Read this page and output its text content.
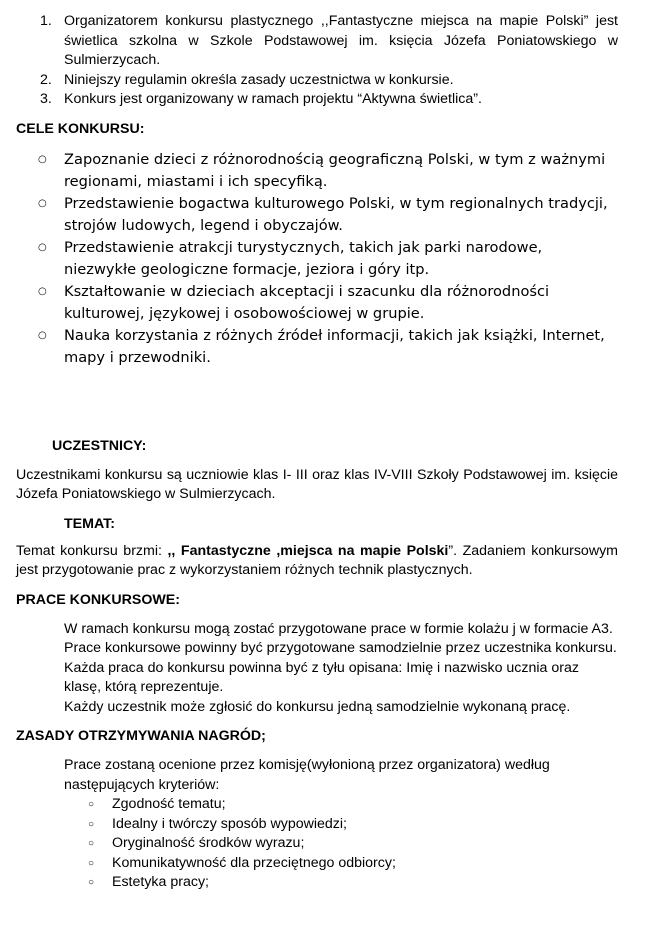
1. Organizatorem konkursu plastycznego ,,Fantastyczne miejsca na mapie Polski” jest świetlica szkolna w Szkole Podstawowej im. księcia Józefa Poniatowskiego w Sulmierzycach.
2. Niniejszy regulamin określa zasady uczestnictwa w konkursie.
3. Konkurs jest organizowany w ramach projektu “Aktywna świetlica”.
CELE KONKURSU:
○ Zapoznanie dzieci z różnorodnością geograficzną Polski, w tym z ważnymi regionami, miastami i ich specyfiką.
○ Przedstawienie bogactwa kulturowego Polski, w tym regionalnych tradycji, strojów ludowych, legend i obyczajów.
○ Przedstawienie atrakcji turystycznych, takich jak parki narodowe, niezwykłe geologiczne formacje, jeziora i góry itp.
○ Kształtowanie w dzieciach akceptacji i szacunku dla różnorodności kulturowej, językowej i osobowościowej w grupie.
○ Nauka korzystania z różnych źródeł informacji, takich jak książki, Internet, mapy i przewodniki.
UCZESTNICY:

Uczestnikami konkursu są uczniowie klas I- III oraz klas IV-VIII Szkoły Podstawowej im. księcie Józefa Poniatowskiego w Sulmierzycach.

TEMAT:

Temat konkursu brzmi: ,, Fantastyczne ,miejsca na mapie Polski”. Zadaniem konkursowym jest przygotowanie prac z wykorzystaniem różnych technik plastycznych.

PRACE KONKURSOWE:

W ramach konkursu mogą zostać przygotowane prace w formie kolażu j w formacie A3.

Prace konkursowe powinny być przygotowane samodzielnie przez uczestnika konkursu.

Każda praca do konkursu powinna być z tyłu opisana: Imię i nazwisko ucznia oraz klasę, którą reprezentuje.

Każdy uczestnik może zgłosić do konkursu jedną samodzielnie wykonaną pracę.

ZASADY OTRZYMYWANIA NAGRÓD;

Prace zostaną ocenione przez komisję(wyłonioną przez organizatora) według następujących kryteriów:

○ Zgodność tematu;
○ Idealny i twórczy sposób wypowiedzi;
○ Oryginalność środków wyrazu;
○ Komunikatywność dla przeciętnego odbiorcy;
○ Estetyka pracy;
